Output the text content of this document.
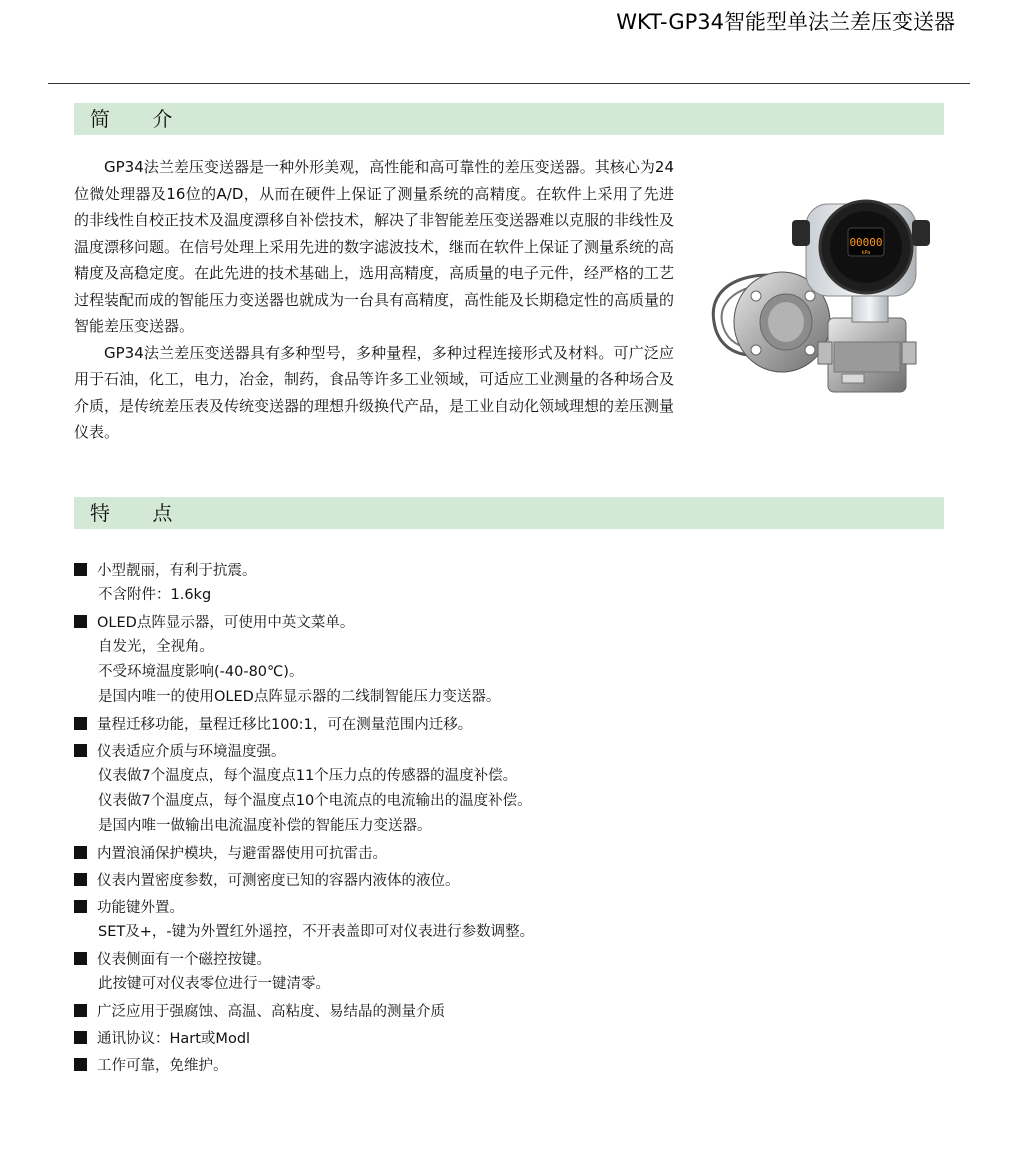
WKT-GP34智能型单法兰差压变送器
简 介

GP34法兰差压变送器是一种外形美观，高性能和高可靠性的差压变送器。其核心为24位微处理器及16位的A/D，从而在硬件上保证了测量系统的高精度。在软件上采用了先进的非线性自校正技术及温度漂移自补偿技术，解决了非智能差压变送器难以克服的非线性及温度漂移问题。在信号处理上采用先进的数字滤波技术，继而在软件上保证了测量系统的高精度及高稳定度。在此先进的技术基础上，选用高精度，高质量的电子元件，经严格的工艺过程装配而成的智能压力变送器也就成为一台具有高精度，高性能及长期稳定性的高质量的智能差压变送器。

GP34法兰差压变送器具有多种型号，多种量程，多种过程连接形式及材料。可广泛应用于石油，化工，电力，冶金，制药，食品等许多工业领域，可适应工业测量的各种场合及介质，是传统差压表及传统变送器的理想升级换代产品，是工业自动化领域理想的差压测量仪表。

00000
kPa
特 点
小型靓丽，有利于抗震。
不含附件：1.6kg
OLED点阵显示器，可使用中英文菜单。
自发光，全视角。
不受环境温度影响(-40-80℃)。
是国内唯一的使用OLED点阵显示器的二线制智能压力变送器。
量程迁移功能，量程迁移比100:1，可在测量范围内迁移。
仪表适应介质与环境温度强。
仪表做7个温度点，每个温度点11个压力点的传感器的温度补偿。
仪表做7个温度点，每个温度点10个电流点的电流输出的温度补偿。
是国内唯一做输出电流温度补偿的智能压力变送器。
内置浪涌保护模块，与避雷器使用可抗雷击。
仪表内置密度参数，可测密度已知的容器内液体的液位。
功能键外置。
SET及+，-键为外置红外遥控，不开表盖即可对仪表进行参数调整。
仪表侧面有一个磁控按键。
此按键可对仪表零位进行一键清零。
广泛应用于强腐蚀、高温、高粘度、易结晶的测量介质
通讯协议：Hart或Modl
工作可靠，免维护。
